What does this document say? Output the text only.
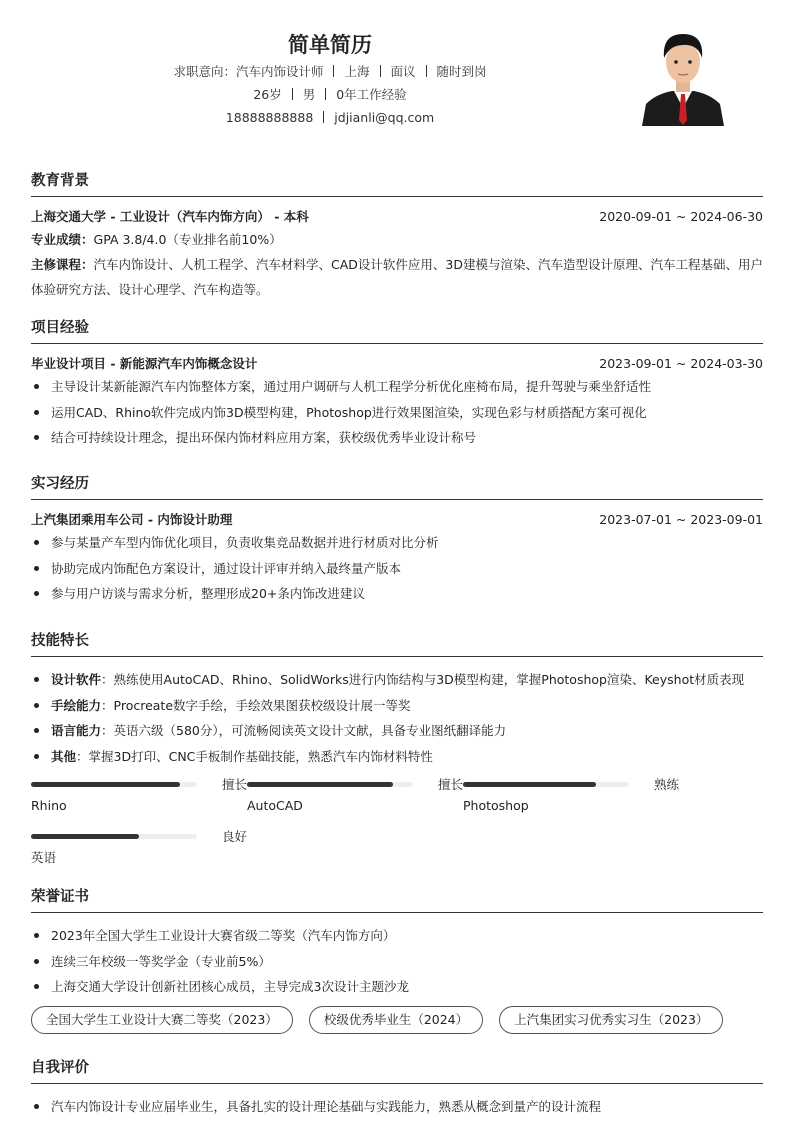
简单简历
求职意向：汽车内饰设计师 上海 面议 随时到岗
26岁 男 0年工作经验
18888888888 jdjianli@qq.com
教育背景
上海交通大学 - 工业设计（汽车内饰方向） - 本科	2020-09-01 ~ 2024-06-30
专业成绩：GPA 3.8/4.0（专业排名前10%）
主修课程：汽车内饰设计、人机工程学、汽车材料学、CAD设计软件应用、3D建模与渲染、汽车造型设计原理、汽车工程基础、用户体验研究方法、设计心理学、汽车构造等。
项目经验
毕业设计项目 - 新能源汽车内饰概念设计	2023-09-01 ~ 2024-03-30
主导设计某新能源汽车内饰整体方案，通过用户调研与人机工程学分析优化座椅布局，提升驾驶与乘坐舒适性
运用CAD、Rhino软件完成内饰3D模型构建，Photoshop进行效果图渲染，实现色彩与材质搭配方案可视化
结合可持续设计理念，提出环保内饰材料应用方案，获校级优秀毕业设计称号
实习经历
上汽集团乘用车公司 - 内饰设计助理	2023-07-01 ~ 2023-09-01
参与某量产车型内饰优化项目，负责收集竞品数据并进行材质对比分析
协助完成内饰配色方案设计，通过设计评审并纳入最终量产版本
参与用户访谈与需求分析，整理形成20+条内饰改进建议
技能特长
设计软件：熟练使用AutoCAD、Rhino、SolidWorks进行内饰结构与3D模型构建，掌握Photoshop渲染、Keyshot材质表现
手绘能力：Procreate数字手绘，手绘效果图获校级设计展一等奖
语言能力：英语六级（580分），可流畅阅读英文设计文献，具备专业图纸翻译能力
其他：掌握3D打印、CNC手板制作基础技能，熟悉汽车内饰材料特性
擅长
Rhino
擅长
AutoCAD
熟练
Photoshop
良好
英语
荣誉证书
2023年全国大学生工业设计大赛省级二等奖（汽车内饰方向）
连续三年校级一等奖学金（专业前5%）
上海交通大学设计创新社团核心成员，主导完成3次设计主题沙龙
全国大学生工业设计大赛二等奖（2023）	校级优秀毕业生（2024）	上汽集团实习优秀实习生（2023）
自我评价
汽车内饰设计专业应届毕业生，具备扎实的设计理论基础与实践能力，熟悉从概念到量产的设计流程
